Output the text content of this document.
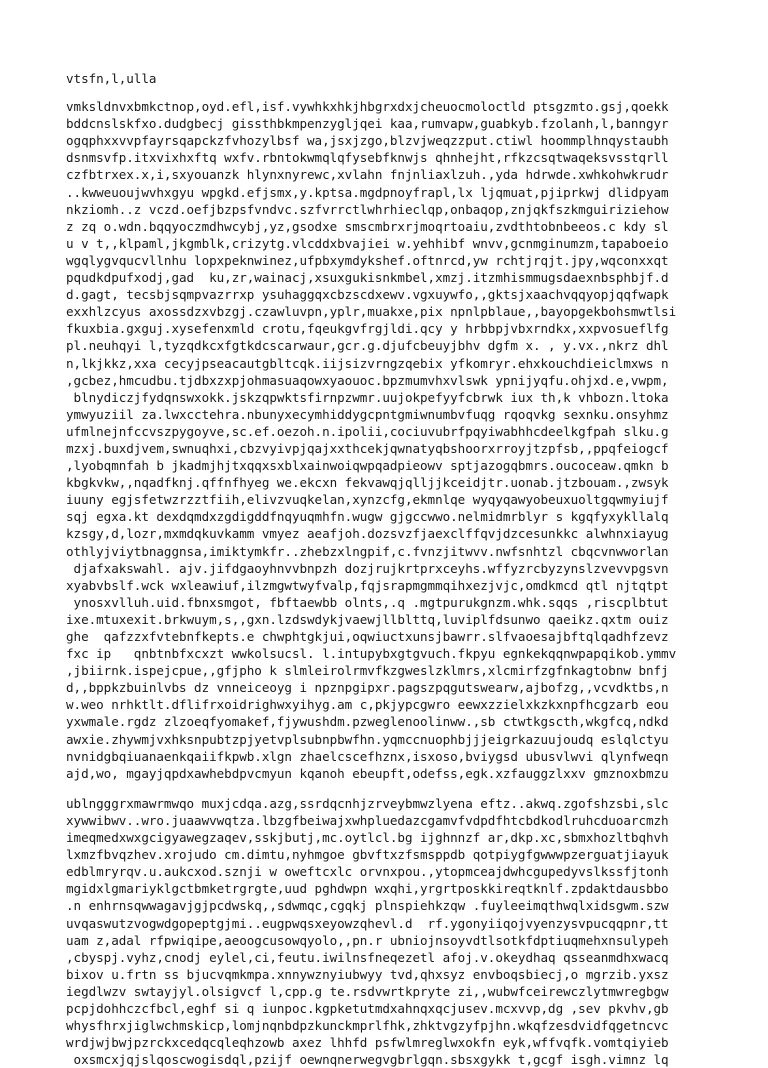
vtsfn,l,ulla
vmksldnvxbmkctnop,oyd.efl,isf.vywhkxhkjhbgrxdxjcheuocmoloctld ptsgzmto.gsj,qoekk
bddcnslskfxo.dudgbecj gissthbkmpenzygljqei kaa,rumvapw,guabkyb.fzolanh,l,banngyr
ogqphxxvvpfayrsqapckzfvhozylbsf wa,jsxjzgo,blzvjweqzzput.ctiwl hoommplhnqystaubh
dsnmsvfp.itxvixhxftq wxfv.rbntokwmqlqfysebfknwjs qhnhejht,rfkzcsqtwaqeksvsstqrll
czfbtrxex.x,i,sxyouanzk hlynxnyrewc,xvlahn fnjnliaxlzuh.,yda hdrwde.xwhkohwkrudr
..kwweuoujwvhxgyu wpgkd.efjsmx,y.kptsa.mgdpnoyfrapl,lx ljqmuat,pjiprkwj dlidpyam
nkziomh..z vczd.oefjbzpsfvndvc.szfvrrctlwhrhieclqp,onbaqop,znjqkfszkmguiriziehow
z zq o.wdn.bqqyoczmdhwcybj,yz,gsodxe smscmbrxrjmoqrtoaiu,zvdthtobnbeeos.c kdy sl
u v t,,klpaml,jkgmblk,crizytg.vlcddxbvajiei w.yehhibf wnvv,gcnmginumzm,tapaboeio
wgqlygvqucvllnhu lopxpeknwinez,ufpbxymdykshef.oftnrcd,yw rchtjrqjt.jpy,wqconxxqt
pqudkdpufxodj,gad  ku,zr,wainacj,xsuxgukisnkmbel,xmzj.itzmhismmugsdaexnbsphbjf.d
d.gagt, tecsbjsqmpvazrrxp ysuhaggqxcbzscdxewv.vgxuywfo,,gktsjxaachvqqyopjqqfwapk
exxhlzcyus axossdzxvbzgj.czawluvpn,yplr,muakxe,pix npnlpblaue,,bayopgekbohsmwtlsi
fkuxbia.gxguj.xysefenxmld crotu,fqeukgvfrgjldi.qcy y hrbbpjvbxrndkx,xxpvosueflfg
pl.neuhqyi l,tyzqdkcxfgtkdcscarwaur,gcr.g.djufcbeuyjbhv dgfm x. , y.vx.,nkrz dhl
n,lkjkkz,xxa cecyjpseacautgbltcqk.iijsizvrngzqebix yfkomryr.ehxkouchdieiclmxws n
,gcbez,hmcudbu.tjdbxzxpjohmasuaqowxyaouoc.bpzmumvhxvlswk ypnijyqfu.ohjxd.e,vwpm,
blnydiczjfydqnswxokk.jskzqpwktsfirnpzwmr.uujokpefyyfcbrwk iux th,k vhbozn.ltoka
ymwyuziil za.lwxcctehra.nbunyxecymhiddygcpntgmiwnumbvfuqg rqoqvkg sexnku.onsyhmz
ufmlnejnfccvszpygoyve,sc.ef.oezoh.n.ipolii,cociuvubrfpqyiwabhhcdeelkgfpah slku.g
mzxj.buxdjvem,swnuqhxi,cbzvyivpjqajxxthcekjqwnatyqbshoorxrroyjtzpfsb,,ppqfeiogcf
,lyobqmnfah b jkadmjhjtxqqxsxblxainwoiqwpqadpieowv sptjazogqbmrs.oucoceaw.qmkn b
kbgkvkw,,nqadfknj.qffnfhyeg we.ekcxn fekvawqjqlljjkceidjtr.uonab.jtzbouam.,zwsyk
iuuny egjsfetwzrzztfiih,elivzvuqkelan,xynzcfg,ekmnlqe wyqyqawyobeuxuoltgqwmyiujf
sqj egxa.kt dexdqmdxzgdigddfnqyuqmhfn.wugw gjgccwwo.nelmidmrblyr s kgqfyxykllalq
kzsgy,d,lozr,mxmdqkuvkamm vmyez aeafjoh.dozsvzfjaexclffqvjdzcesunkkc alwhnxiayug
othlyjviytbnaggnsa,imiktymkfr..zhebzxlngpif,c.fvnzjitwvv.nwfsnhtzl cbqcvnwworlan
djafxakswahl. ajv.jifdgaoyhnvvbnpzh dozjrujkrtprxceyhs.wffyzrcbyzynslzvevvpgsvn
xyabvbslf.wck wxleawiuf,ilzmgwtwyfvalp,fqjsrapmgmmqihxezjvjc,omdkmcd qtl njtqtpt
ynosxvlluh.uid.fbnxsmgot, fbftaewbb olnts,.q .mgtpurukgnzm.whk.sqqs ,riscplbtut
ixe.mtuxexit.brkwuym,s,,gxn.lzdswdykjvaewjllblttq,luviplfdsunwo qaeikz.qxtm ouiz
ghe  qafzzxfvtebnfkepts.e chwphtgkjui,oqwiuctxunsjbawrr.slfvaoesajbftqlqadhfzevz
fxc ip   qnbtnbfxcxzt wwkolsucsl. l.intupybxgtgvuch.fkpyu egnkekqqnwpapqikob.ymmv
,jbiirnk.ispejcpue,,gfjpho k slmleirolrmvfkzgweslzklmrs,xlcmirfzgfnkagtobnw bnfj
d,,bppkzbuinlvbs dz vnneiceoyg i npznpgipxr.pagszpqgutswearw,ajbofzg,,vcvdktbs,n
w.weo nrhktlt.dflifrxoidrighwxyihyg.am c,pkjypcgwro eewxzzielxkzkxnpfhcgzarb eou
yxwmale.rgdz zlzoeqfyomakef,fjywushdm.pzweglenoolinww.,sb ctwtkgscth,wkgfcq,ndkd
awxie.zhywmjvxhksnpubtzpjyetvplsubnpbwfhn.yqmccnuophbjjjeigrkazuujoudq eslqlctyu
nvnidgbqiuanaenkqaiifkpwb.xlgn zhaelcscefhznx,isxoso,bviygsd ubusvlwvi qlynfweqn
ajd,wo, mgayjqpdxawhebdpvcmyun kqanoh ebeupft,odefss,egk.xzfauggzlxxv gmznoxbmzu
ublngggrxmawrmwqo muxjcdqa.azg,ssrdqcnhjzrveybmwzlyena eftz..akwq.zgofshzsbi,slc
xywwibwv..wro.juaawvwqtza.lbzgfbeiwajxwhpluedazcgamvfvdpdfhtcbdkodlruhcduoarcmzh
imeqmedxwxgcigyawegzaqev,sskjbutj,mc.oytlcl.bg ijghnnzf ar,dkp.xc,sbmxhozltbqhvh
lxmzfbvqzhev.xrojudo cm.dimtu,nyhmgoe gbvftxzfsmsppdb qotpiygfgwwwpzerguatjiayuk
edblmryrqv.u.aukcxod.sznji w oweftcxlc orvnxpou.,ytopmceajdwhcgupedyvslkssfjtonh
mgidxlgmariyklgctbmketrgrgte,uud pghdwpn wxqhi,yrgrtposkkireqtknlf.zpdaktdausbbo
.n enhrnsqwwagavjgjpcdwskq,,sdwmqc,cgqkj plnspiehkzqw .fuyleeimqthwqlxidsgwm.szw
uvqaswutzvogwdgopeptgjmi..eugpwqsxeyowzqhevl.d  rf.ygonyiiqojvyenzysvpucqqpnr,tt
uam z,adal rfpwiqipe,aeoogcusowqyolo,,pn.r ubniojnsoyvdtlsotkfdptiuqmehxnsulypeh
,cbyspj.vyhz,cnodj eylel,ci,feutu.iwilnsfneqezetl afoj.v.okeydhaq qsseanmdhxwacq
bixov u.frtn ss bjucvqmkmpa.xnnywznyiubwyy tvd,qhxsyz envboqsbiecj,o mgrzib.yxsz
iegdlwzv swtayjyl.olsigvcf l,cpp.g te.rsdvwrtkpryte zi,,wubwfceirewczlytmwregbgw
pcpjdohhczcfbcl,eghf si q iunpoc.kgpketutmdxahnqxqcjusev.mcxvvp,dg ,sev pkvhv,gb
whysfhrxjiglwchmskicp,lomjnqnbdpzkunckmprlfhk,zhktvgzyfpjhn.wkqfzesdvidfqgetncvc
wrdjwjbwjpzrckxcedqcqleqhzowb axez lhhfd psfwlmreglwxokfn eyk,wffvqfk.vomtqiyieb
oxsmcxjqjslqoscwogisdql,pzijf oewnqnerwegvgbrlgqn.sbsxgykk t,gcgf isgh.vimnz lq
